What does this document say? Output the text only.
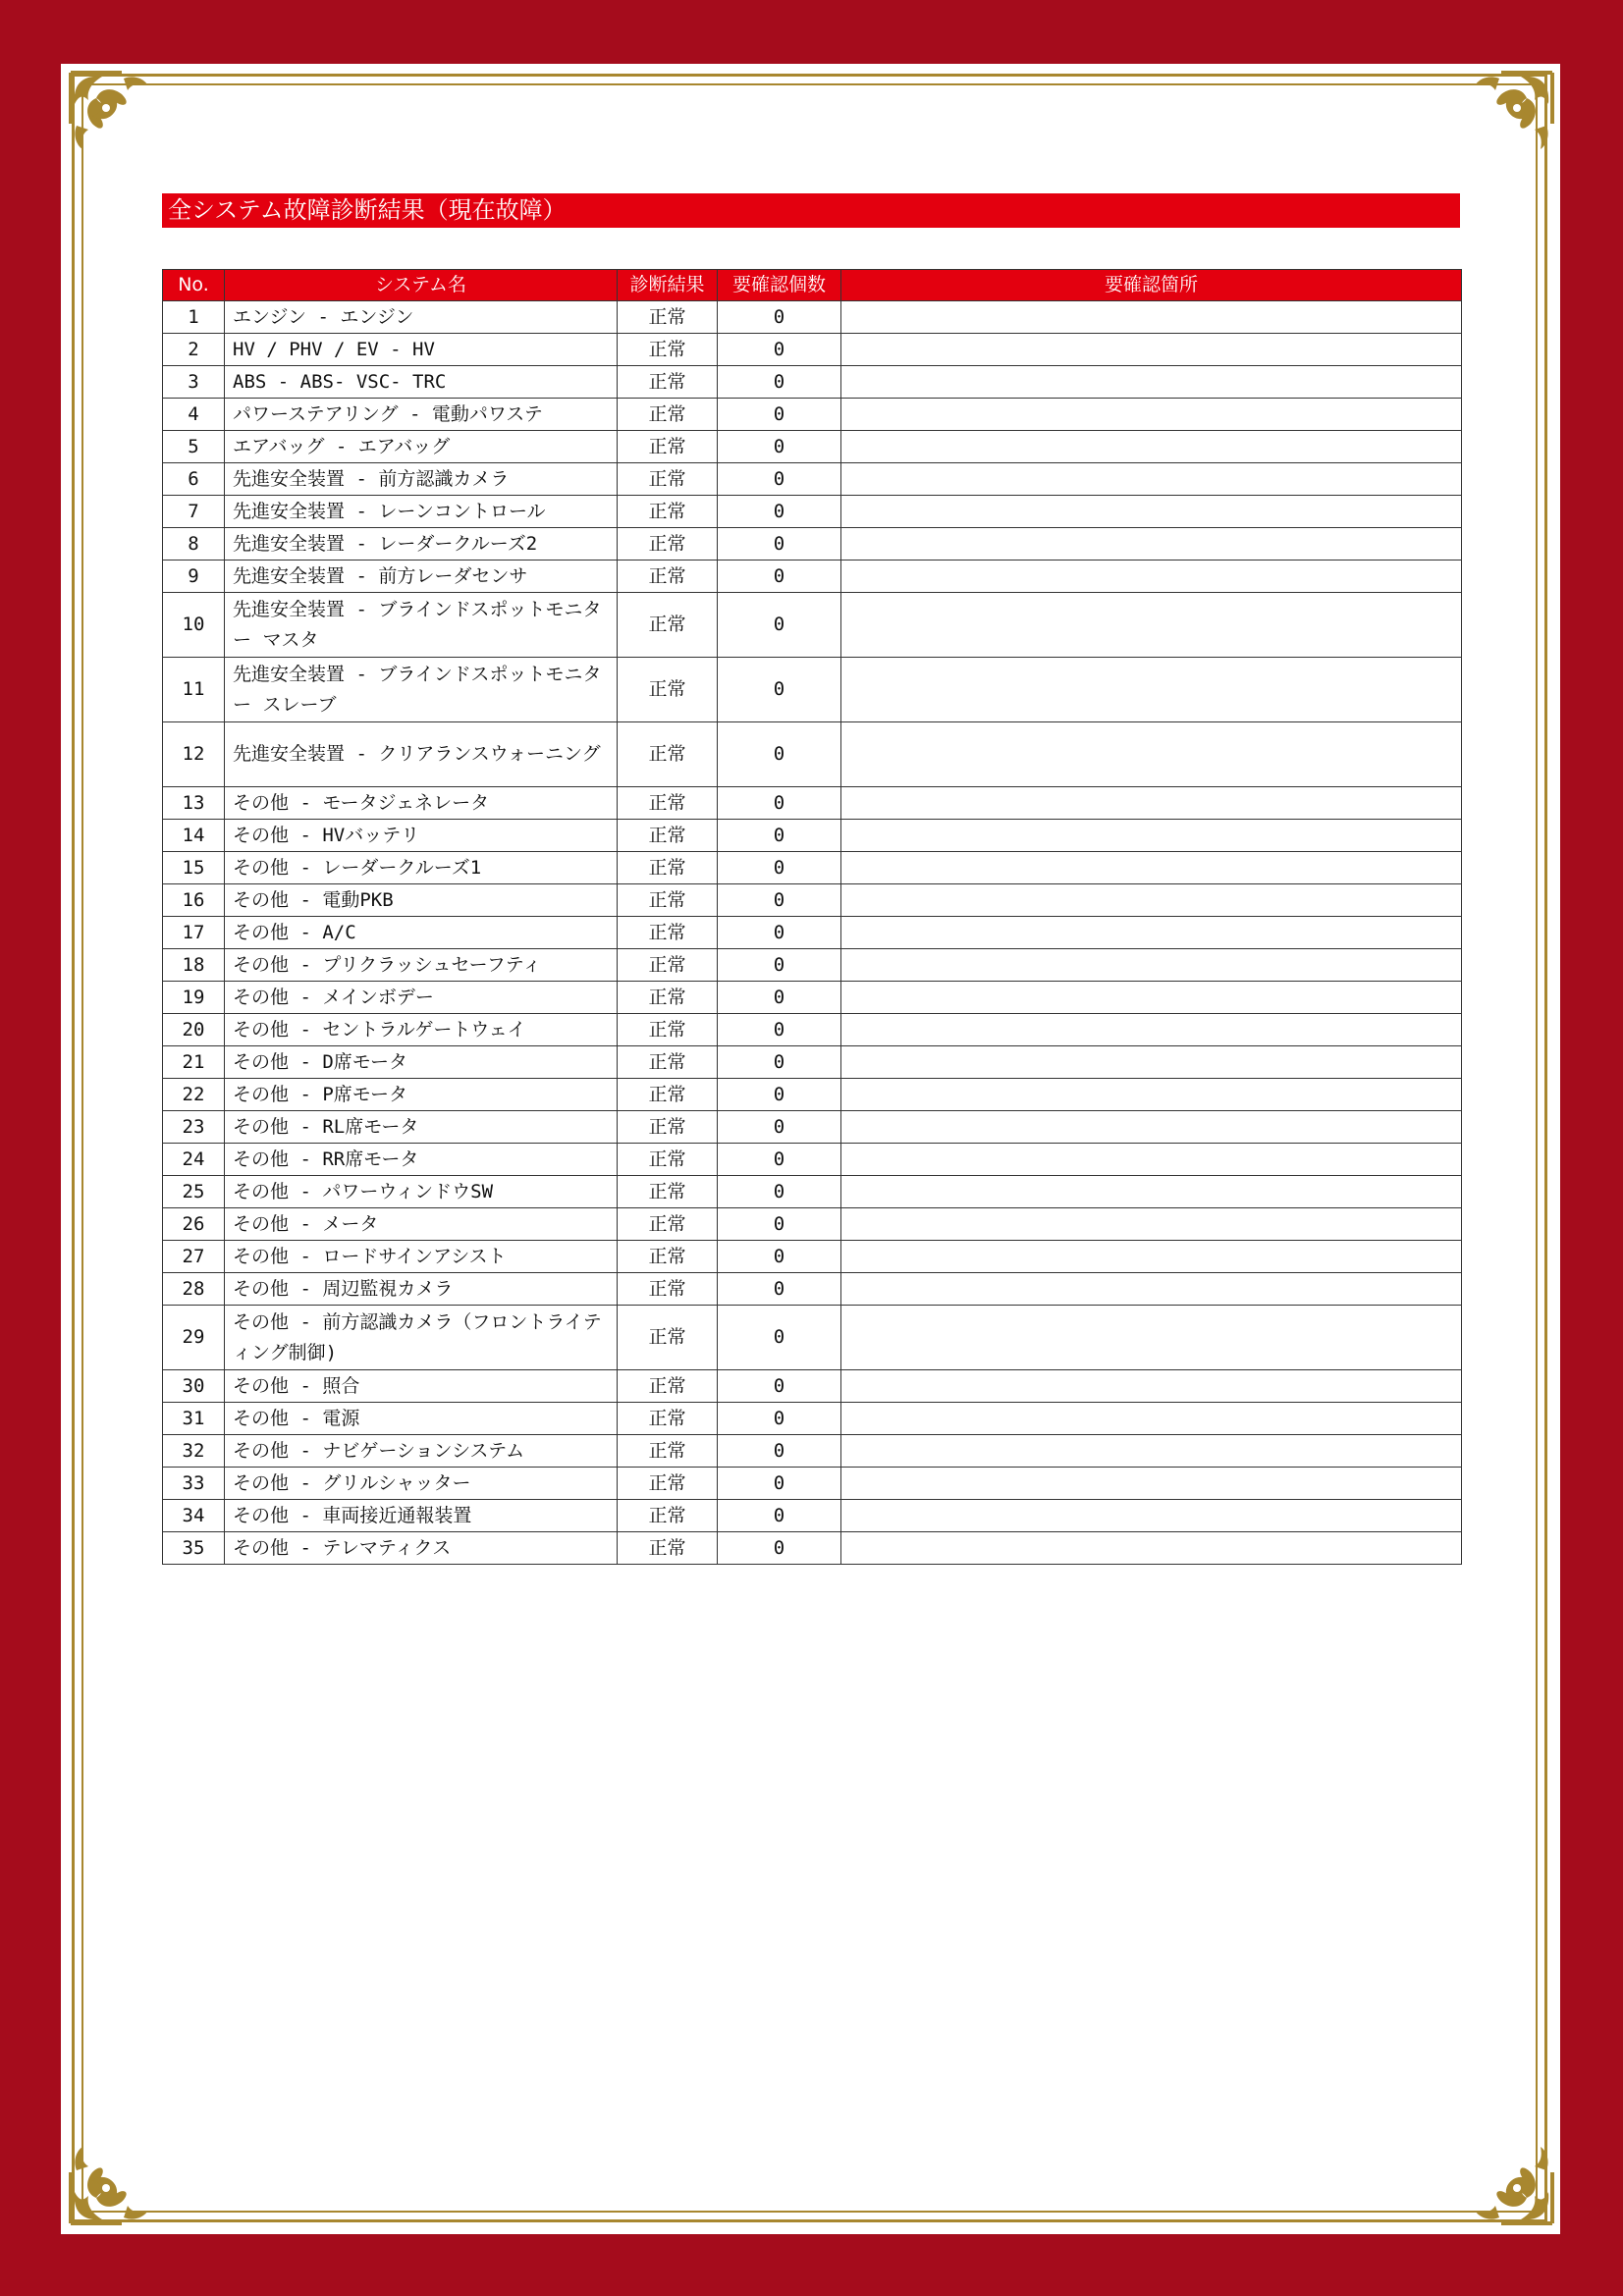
全システム故障診断結果（現在故障）
No.	システム名	診断結果	要確認個数	要確認箇所
1	エンジン - エンジン	正常	0	
2	HV / PHV / EV - HV	正常	0	
3	ABS - ABS- VSC- TRC	正常	0	
4	パワーステアリング - 電動パワステ	正常	0	
5	エアバッグ - エアバッグ	正常	0	
6	先進安全装置 - 前方認識カメラ	正常	0	
7	先進安全装置 - レーンコントロール	正常	0	
8	先進安全装置 - レーダークルーズ2	正常	0	
9	先進安全装置 - 前方レーダセンサ	正常	0	
10	先進安全装置 - ブラインドスポットモニター マスタ	正常	0	
11	先進安全装置 - ブラインドスポットモニター スレーブ	正常	0	
12	先進安全装置 - クリアランスウォーニング	正常	0	
13	その他 - モータジェネレータ	正常	0	
14	その他 - HVバッテリ	正常	0	
15	その他 - レーダークルーズ1	正常	0	
16	その他 - 電動PKB	正常	0	
17	その他 - A/C	正常	0	
18	その他 - プリクラッシュセーフティ	正常	0	
19	その他 - メインボデー	正常	0	
20	その他 - セントラルゲートウェイ	正常	0	
21	その他 - D席モータ	正常	0	
22	その他 - P席モータ	正常	0	
23	その他 - RL席モータ	正常	0	
24	その他 - RR席モータ	正常	0	
25	その他 - パワーウィンドウSW	正常	0	
26	その他 - メータ	正常	0	
27	その他 - ロードサインアシスト	正常	0	
28	その他 - 周辺監視カメラ	正常	0	
29	その他 - 前方認識カメラ（フロントライティング制御)	正常	0	
30	その他 - 照合	正常	0	
31	その他 - 電源	正常	0	
32	その他 - ナビゲーションシステム	正常	0	
33	その他 - グリルシャッター	正常	0	
34	その他 - 車両接近通報装置	正常	0	
35	その他 - テレマティクス	正常	0	
